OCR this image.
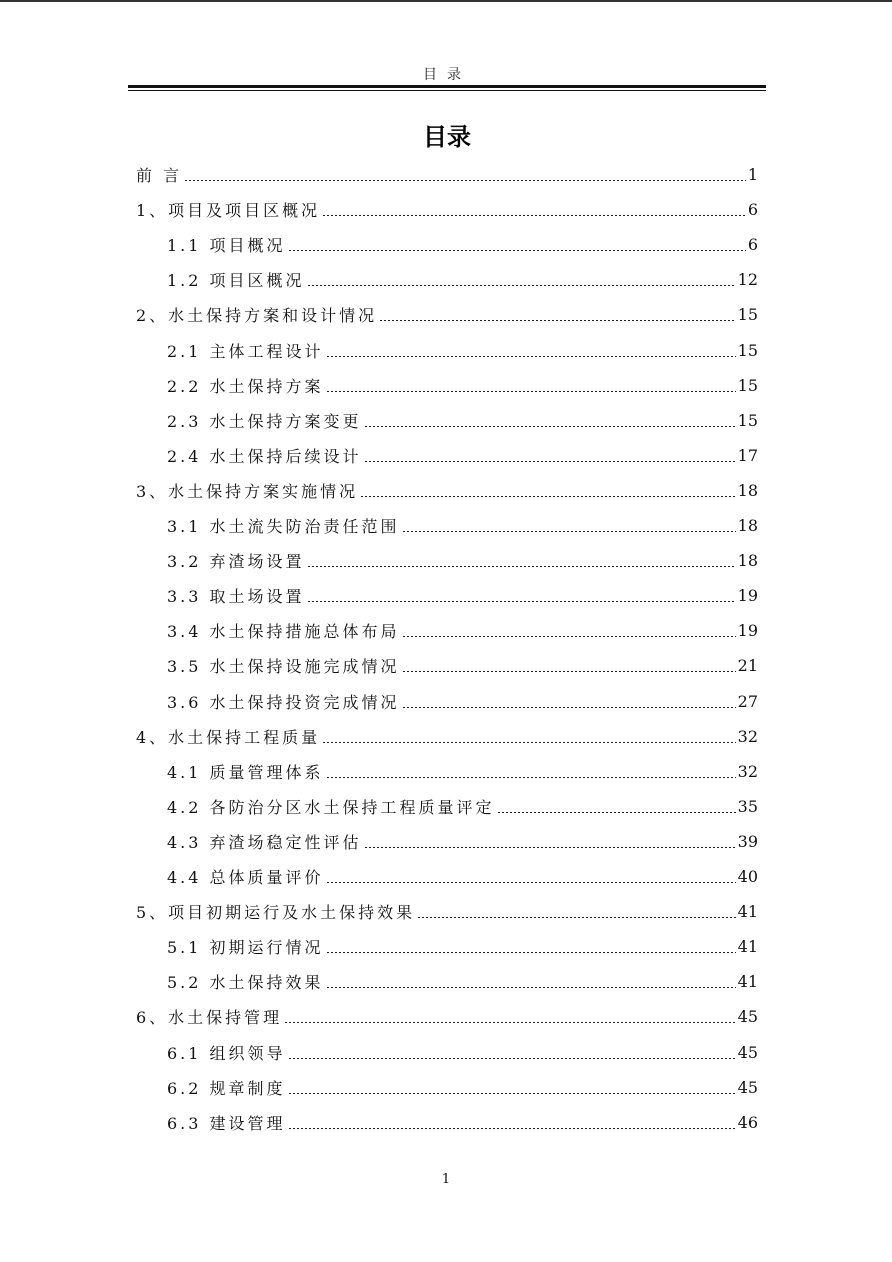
目录
目录
前 言	1
1、项目及项目区概况	6
1.1 项目概况	6
1.2 项目区概况	12
2、水土保持方案和设计情况	15
2.1 主体工程设计	15
2.2 水土保持方案	15
2.3 水土保持方案变更	15
2.4 水土保持后续设计	17
3、水土保持方案实施情况	18
3.1 水土流失防治责任范围	18
3.2 弃渣场设置	18
3.3 取土场设置	19
3.4 水土保持措施总体布局	19
3.5 水土保持设施完成情况	21
3.6 水土保持投资完成情况	27
4、水土保持工程质量	32
4.1 质量管理体系	32
4.2 各防治分区水土保持工程质量评定	35
4.3 弃渣场稳定性评估	39
4.4 总体质量评价	40
5、项目初期运行及水土保持效果	41
5.1 初期运行情况	41
5.2 水土保持效果	41
6、水土保持管理	45
6.1 组织领导	45
6.2 规章制度	45
6.3 建设管理	46
1
